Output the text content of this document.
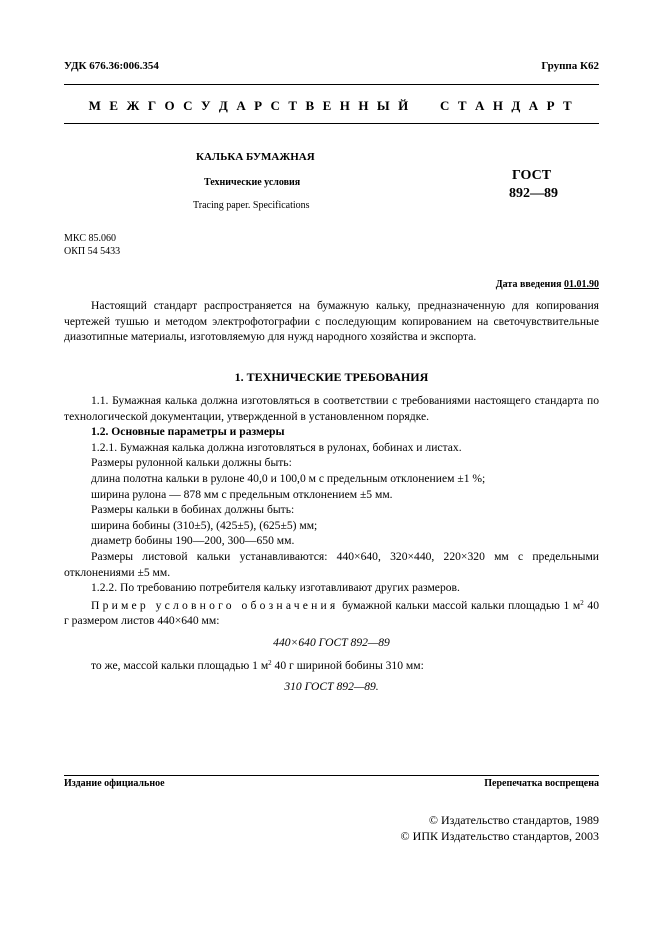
УДК 676.36:006.354	Группа К62
М Е Ж Г О С У Д А Р С Т В Е Н Н Ы Й     С Т А Н Д А Р Т
КАЛЬКА БУМАЖНАЯ
Технические условия
Tracing paper. Specifications
ГОСТ
892—89
МКС 85.060
ОКП 54 5433
Дата введения 01.01.90

Настоящий стандарт распространяется на бумажную кальку, предназначенную для копирования чертежей тушью и методом электрофотографии с последующим копированием на светочувствительные диазотипные материалы, изготовляемую для нужд народного хозяйства и экспорта.

1. ТЕХНИЧЕСКИЕ ТРЕБОВАНИЯ

1.1. Бумажная калька должна изготовляться в соответствии с требованиями настоящего стандарта по технологической документации, утвержденной в установленном порядке.

1.2. Основные параметры и размеры

1.2.1. Бумажная калька должна изготовляться в рулонах, бобинах и листах.

Размеры рулонной кальки должны быть:

длина полотна кальки в рулоне 40,0 и 100,0 м с предельным отклонением ±1 %;

ширина рулона — 878 мм с предельным отклонением ±5 мм.

Размеры кальки в бобинах должны быть:

ширина бобины (310±5), (425±5), (625±5) мм;

диаметр бобины 190—200, 300—650 мм.

Размеры листовой кальки устанавливаются: 440×640, 320×440, 220×320 мм с предельными отклонениями ±5 мм.

1.2.2. По требованию потребителя кальку изготавливают других размеров.

Пример условного обозначения бумажной кальки массой кальки площадью 1 $м^2$ 40 г размером листов 440×640 мм:

440×640 ГОСТ 892—89

то же, массой кальки площадью 1 $м^2$ 40 г шириной бобины 310 мм:

310 ГОСТ 892—89.

Издание официальное	Перепечатка воспрещена
© Издательство стандартов, 1989
© ИПК Издательство стандартов, 2003
